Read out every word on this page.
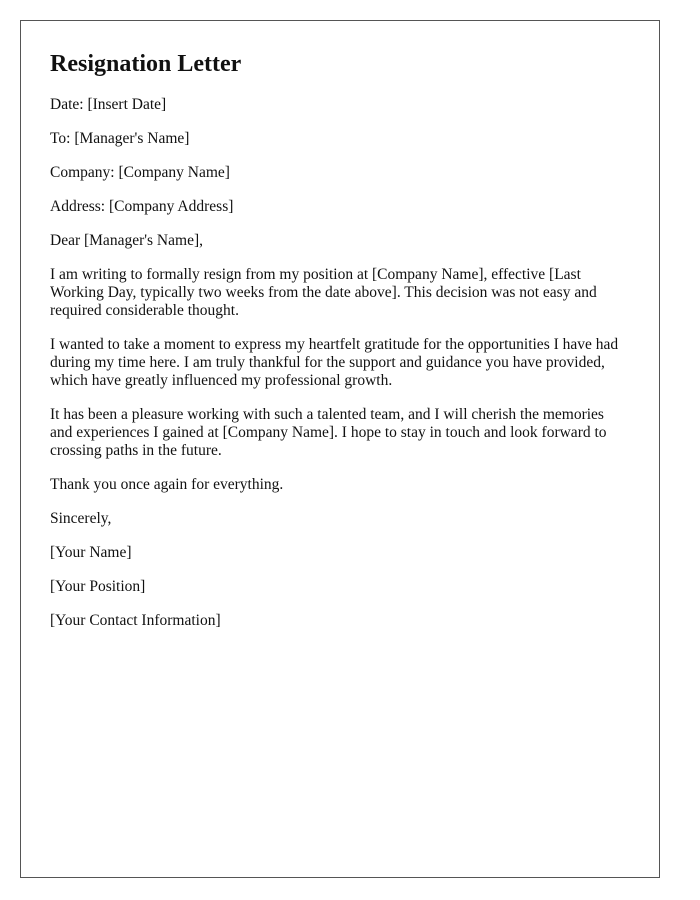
Resignation Letter

Date: [Insert Date]

To: [Manager's Name]

Company: [Company Name]

Address: [Company Address]

Dear [Manager's Name],

I am writing to formally resign from my position at [Company Name], effective [Last Working Day, typically two weeks from the date above]. This decision was not easy and required considerable thought.

I wanted to take a moment to express my heartfelt gratitude for the opportunities I have had during my time here. I am truly thankful for the support and guidance you have provided, which have greatly influenced my professional growth.

It has been a pleasure working with such a talented team, and I will cherish the memories and experiences I gained at [Company Name]. I hope to stay in touch and look forward to crossing paths in the future.

Thank you once again for everything.

Sincerely,

[Your Name]

[Your Position]

[Your Contact Information]
